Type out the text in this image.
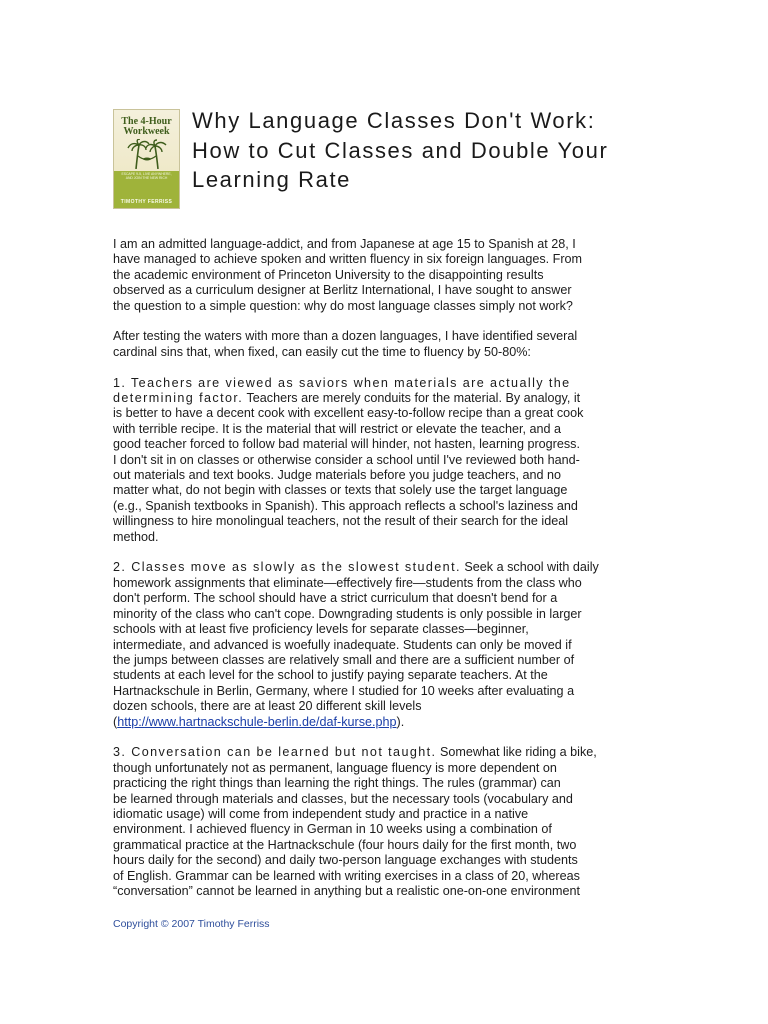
The 4-Hour
Workweek
ESCAPE 9-5, LIVE ANYWHERE,
AND JOIN THE NEW RICH
TIMOTHY FERRISS
Why Language Classes Don't Work:
How to Cut Classes and Double Your
Learning Rate

I am an admitted language-addict, and from Japanese at age 15 to Spanish at 28, I
have managed to achieve spoken and written fluency in six foreign languages. From
the academic environment of Princeton University to the disappointing results
observed as a curriculum designer at Berlitz International, I have sought to answer
the question to a simple question: why do most language classes simply not work?

After testing the waters with more than a dozen languages, I have identified several
cardinal sins that, when fixed, can easily cut the time to fluency by 50-80%:

1. Teachers are viewed as saviors when materials are actually the
determining factor. Teachers are merely conduits for the material. By analogy, it
is better to have a decent cook with excellent easy-to-follow recipe than a great cook
with terrible recipe. It is the material that will restrict or elevate the teacher, and a
good teacher forced to follow bad material will hinder, not hasten, learning progress.
I don't sit in on classes or otherwise consider a school until I've reviewed both hand-
out materials and text books. Judge materials before you judge teachers, and no
matter what, do not begin with classes or texts that solely use the target language
(e.g., Spanish textbooks in Spanish). This approach reflects a school's laziness and
willingness to hire monolingual teachers, not the result of their search for the ideal
method.

2. Classes move as slowly as the slowest student. Seek a school with daily
homework assignments that eliminate—effectively fire—students from the class who
don't perform. The school should have a strict curriculum that doesn't bend for a
minority of the class who can't cope. Downgrading students is only possible in larger
schools with at least five proficiency levels for separate classes—beginner,
intermediate, and advanced is woefully inadequate. Students can only be moved if
the jumps between classes are relatively small and there are a sufficient number of
students at each level for the school to justify paying separate teachers. At the
Hartnackschule in Berlin, Germany, where I studied for 10 weeks after evaluating a
dozen schools, there are at least 20 different skill levels
(http://www.hartnackschule-berlin.de/daf-kurse.php).

3. Conversation can be learned but not taught. Somewhat like riding a bike,
though unfortunately not as permanent, language fluency is more dependent on
practicing the right things than learning the right things. The rules (grammar) can
be learned through materials and classes, but the necessary tools (vocabulary and
idiomatic usage) will come from independent study and practice in a native
environment. I achieved fluency in German in 10 weeks using a combination of
grammatical practice at the Hartnackschule (four hours daily for the first month, two
hours daily for the second) and daily two-person language exchanges with students
of English. Grammar can be learned with writing exercises in a class of 20, whereas
“conversation” cannot be learned in anything but a realistic one-on-one environment

Copyright © 2007 Timothy Ferriss
